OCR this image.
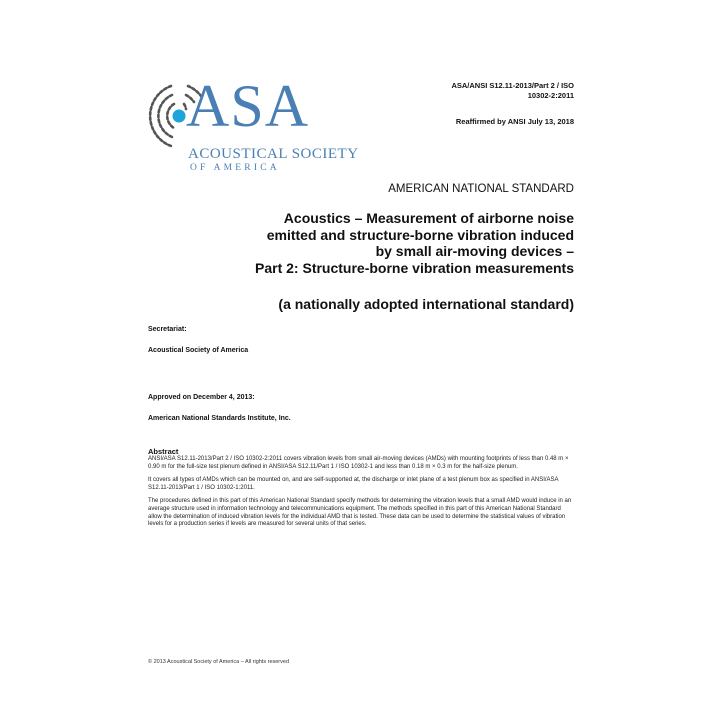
ASA
ACOUSTICAL SOCIETY
OF AMERICA
ASA/ANSI S12.11-2013/Part 2 / ISO
10302-2:2011
Reaffirmed by ANSI July 13, 2018
AMERICAN NATIONAL STANDARD
Acoustics – Measurement of airborne noise
emitted and structure-borne vibration induced
by small air-moving devices –
Part 2: Structure-borne vibration measurements
(a nationally adopted international standard)
Secretariat:
Acoustical Society of America
Approved on December 4, 2013:
American National Standards Institute, Inc.
Abstract

ANSI/ASA S12.11-2013/Part 2 / ISO 10302-2:2011 covers vibration levels from small air-moving devices (AMDs) with mounting footprints of less than 0.48 m × 0.90 m for the full-size test plenum defined in ANSI/ASA S12.11/Part 1 / ISO 10302-1 and less than 0.18 m × 0.3 m for the half-size plenum.

It covers all types of AMDs which can be mounted on, and are self-supported at, the discharge or inlet plane of a test plenum box as specified in ANSI/ASA S12.11-2013/Part 1 / ISO 10302-1:2011.

The procedures defined in this part of this American National Standard specify methods for determining the vibration levels that a small AMD would induce in an average structure used in information technology and telecommunications equipment. The methods specified in this part of this American National Standard allow the determination of induced vibration levels for the individual AMD that is tested. These data can be used to determine the statistical values of vibration levels for a production series if levels are measured for several units of that series.

© 2013 Acoustical Society of America – All rights reserved
